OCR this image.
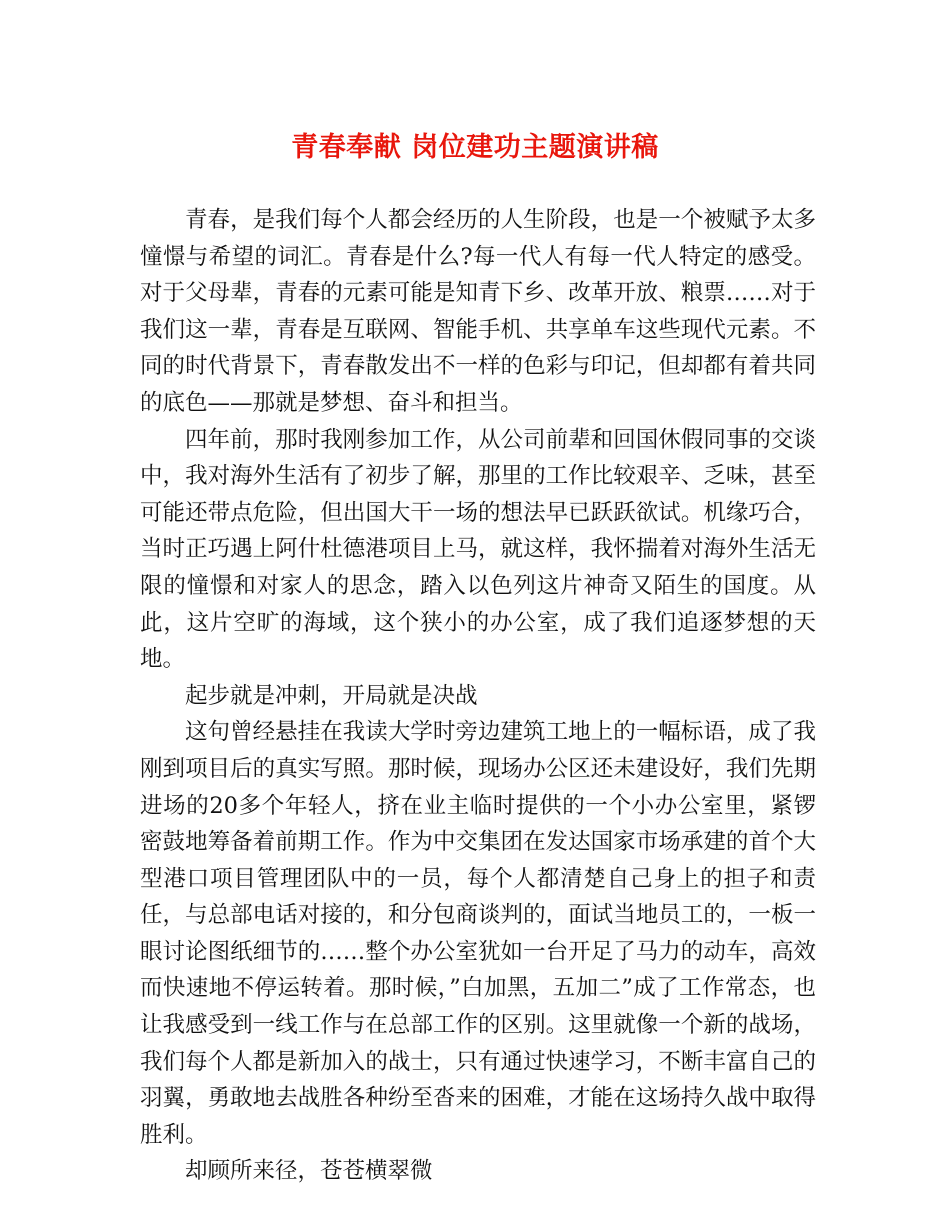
青春奉献 岗位建功主题演讲稿

青春，是我们每个人都会经历的人生阶段，也是一个被赋予太多憧憬与希望的词汇。青春是什么?每一代人有每一代人特定的感受。对于父母辈，青春的元素可能是知青下乡、改革开放、粮票……对于我们这一辈，青春是互联网、智能手机、共享单车这些现代元素。不同的时代背景下，青春散发出不一样的色彩与印记，但却都有着共同的底色——那就是梦想、奋斗和担当。

四年前，那时我刚参加工作，从公司前辈和回国休假同事的交谈中，我对海外生活有了初步了解，那里的工作比较艰辛、乏味，甚至可能还带点危险，但出国大干一场的想法早已跃跃欲试。机缘巧合，当时正巧遇上阿什杜德港项目上马，就这样，我怀揣着对海外生活无限的憧憬和对家人的思念，踏入以色列这片神奇又陌生的国度。从此，这片空旷的海域，这个狭小的办公室，成了我们追逐梦想的天地。

起步就是冲刺，开局就是决战

这句曾经悬挂在我读大学时旁边建筑工地上的一幅标语，成了我刚到项目后的真实写照。那时候，现场办公区还未建设好，我们先期进场的20多个年轻人，挤在业主临时提供的一个小办公室里，紧锣密鼓地筹备着前期工作。作为中交集团在发达国家市场承建的首个大型港口项目管理团队中的一员，每个人都清楚自己身上的担子和责任，与总部电话对接的，和分包商谈判的，面试当地员工的，一板一眼讨论图纸细节的……整个办公室犹如一台开足了马力的动车，高效而快速地不停运转着。那时候，”白加黑，五加二”成了工作常态，也让我感受到一线工作与在总部工作的区别。这里就像一个新的战场，我们每个人都是新加入的战士，只有通过快速学习，不断丰富自己的羽翼，勇敢地去战胜各种纷至沓来的困难，才能在这场持久战中取得胜利。

却顾所来径，苍苍横翠微
